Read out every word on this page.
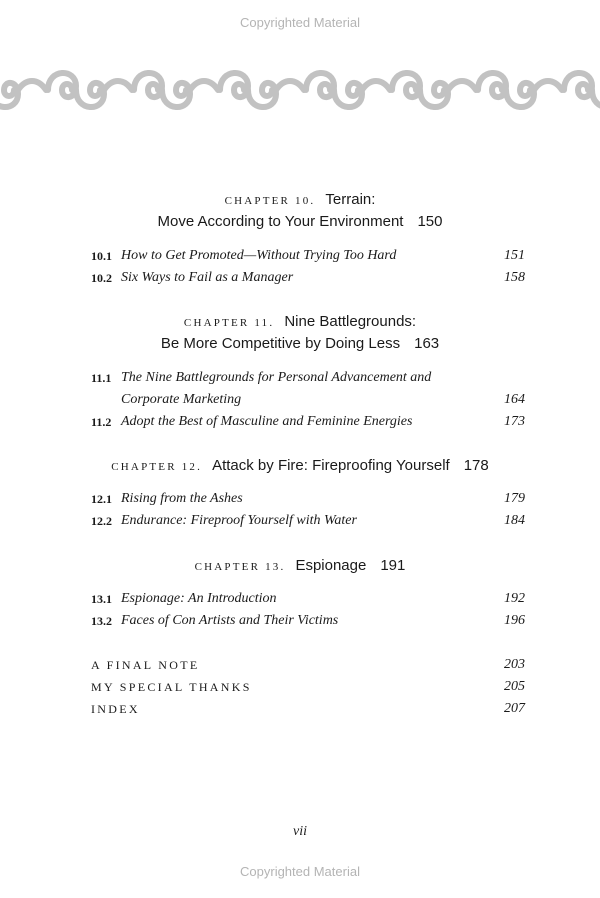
Copyrighted Material
CHAPTER 10. Terrain:
Move According to Your Environment 150
10.1 How to Get Promoted—Without Trying Too Hard	151
10.2 Six Ways to Fail as a Manager	158
CHAPTER 11. Nine Battlegrounds:
Be More Competitive by Doing Less 163
11.1 The Nine Battlegrounds for Personal Advancement and
Corporate Marketing	164
11.2 Adopt the Best of Masculine and Feminine Energies	173
CHAPTER 12. Attack by Fire: Fireproofing Yourself 178
12.1 Rising from the Ashes	179
12.2 Endurance: Fireproof Yourself with Water	184
CHAPTER 13. Espionage 191
13.1 Espionage: An Introduction	192
13.2 Faces of Con Artists and Their Victims	196
A FINAL NOTE	203
MY SPECIAL THANKS	205
INDEX	207
vii
Copyrighted Material
